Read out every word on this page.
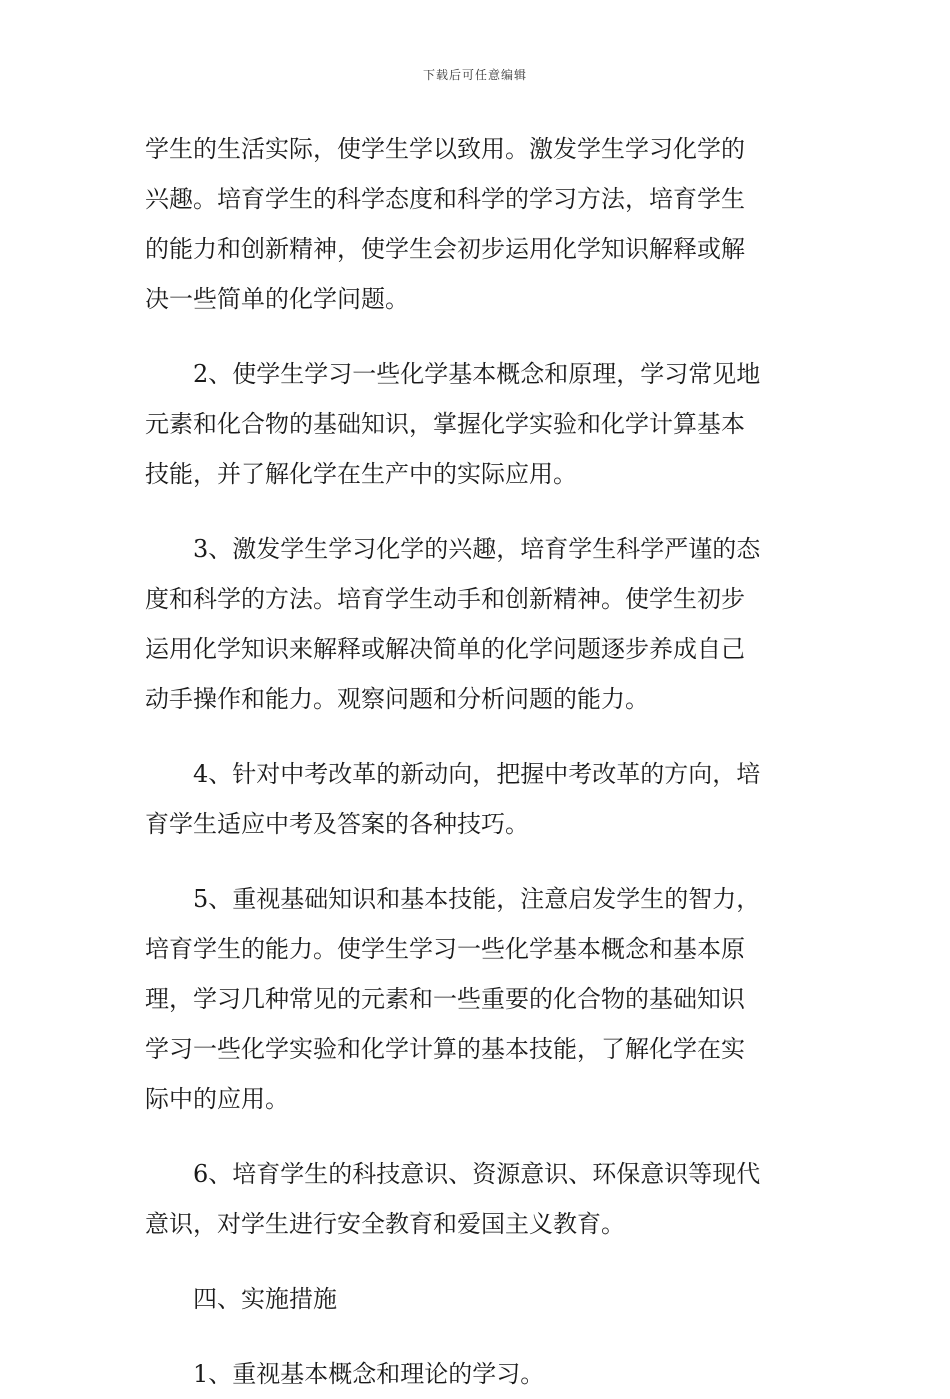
下载后可任意编辑
学生的生活实际，使学生学以致用。激发学生学习化学的
兴趣。培育学生的科学态度和科学的学习方法，培育学生
的能力和创新精神，使学生会初步运用化学知识解释或解
决一些简单的化学问题。
2、使学生学习一些化学基本概念和原理，学习常见地
元素和化合物的基础知识，掌握化学实验和化学计算基本
技能，并了解化学在生产中的实际应用。
3、激发学生学习化学的兴趣，培育学生科学严谨的态
度和科学的方法。培育学生动手和创新精神。使学生初步
运用化学知识来解释或解决简单的化学问题逐步养成自己
动手操作和能力。观察问题和分析问题的能力。
4、针对中考改革的新动向，把握中考改革的方向，培
育学生适应中考及答案的各种技巧。
5、重视基础知识和基本技能，注意启发学生的智力，
培育学生的能力。使学生学习一些化学基本概念和基本原
理，学习几种常见的元素和一些重要的化合物的基础知识
学习一些化学实验和化学计算的基本技能，了解化学在实
际中的应用。
6、培育学生的科技意识、资源意识、环保意识等现代
意识，对学生进行安全教育和爱国主义教育。
四、实施措施
1、重视基本概念和理论的学习。
